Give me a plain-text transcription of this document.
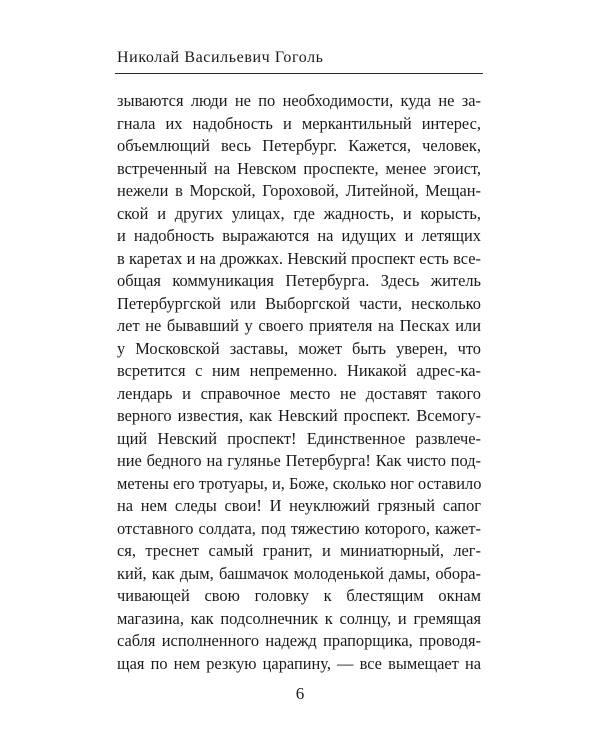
Николай Васильевич Гоголь
зываются люди не по необходимости, куда не за-
гнала их надобность и меркантильный интерес,
объемлющий весь Петербург. Кажется, человек,
встреченный на Невском проспекте, менее эгоист,
нежели в Морской, Гороховой, Литейной, Мещан-
ской и других улицах, где жадность, и корысть,
и надобность выражаются на идущих и летящих
в каретах и на дрожках. Невский проспект есть все-
общая коммуникация Петербурга. Здесь житель
Петербургской или Выборгской части, несколько
лет не бывавший у своего приятеля на Песках или
у Московской заставы, может быть уверен, что
всретится с ним непременно. Никакой адрес-ка-
лендарь и справочное место не доставят такого
верного известия, как Невский проспект. Всемогу-
щий Невский проспект! Единственное развлече-
ние бедного на гулянье Петербурга! Как чисто под-
метены его тротуары, и, Боже, сколько ног оставило
на нем следы свои! И неуклюжий грязный сапог
отставного солдата, под тяжестию которого, кажет-
ся, треснет самый гранит, и миниатюрный, лег-
кий, как дым, башмачок молоденькой дамы, обора-
чивающей свою головку к блестящим окнам
магазина, как подсолнечник к солнцу, и гремящая
сабля исполненного надежд прапорщика, проводя-
щая по нем резкую царапину, — все вымещает на
6
